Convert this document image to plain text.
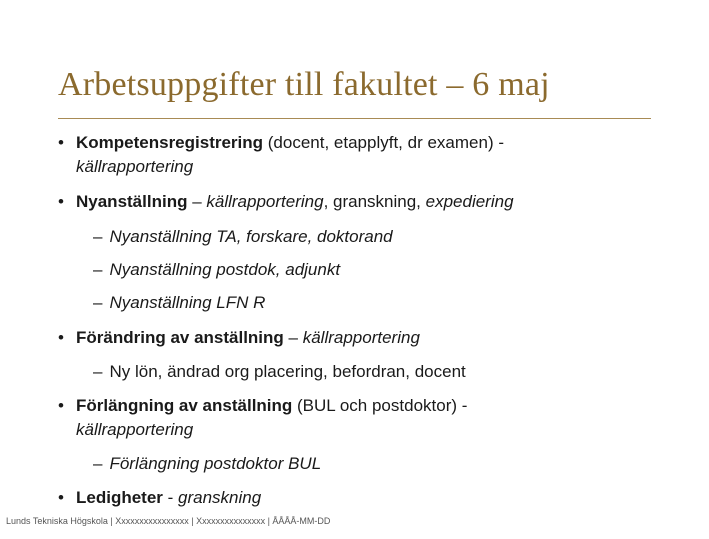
Arbetsuppgifter till fakultet – 6 maj
• Kompetensregistrering (docent, etapplyft, dr examen) -
källrapportering
• Nyanställning – källrapportering, granskning, expediering
– Nyanställning TA, forskare, doktorand
– Nyanställning postdok, adjunkt
– Nyanställning LFN R
• Förändring av anställning – källrapportering
– Ny lön, ändrad org placering, befordran, docent
• Förlängning av anställning (BUL och postdoktor) -
källrapportering
– Förlängning postdoktor BUL
• Ledigheter - granskning
Lunds Tekniska Högskola | Xxxxxxxxxxxxxxxx | Xxxxxxxxxxxxxxx | ÅÅÅÅ-MM-DD
